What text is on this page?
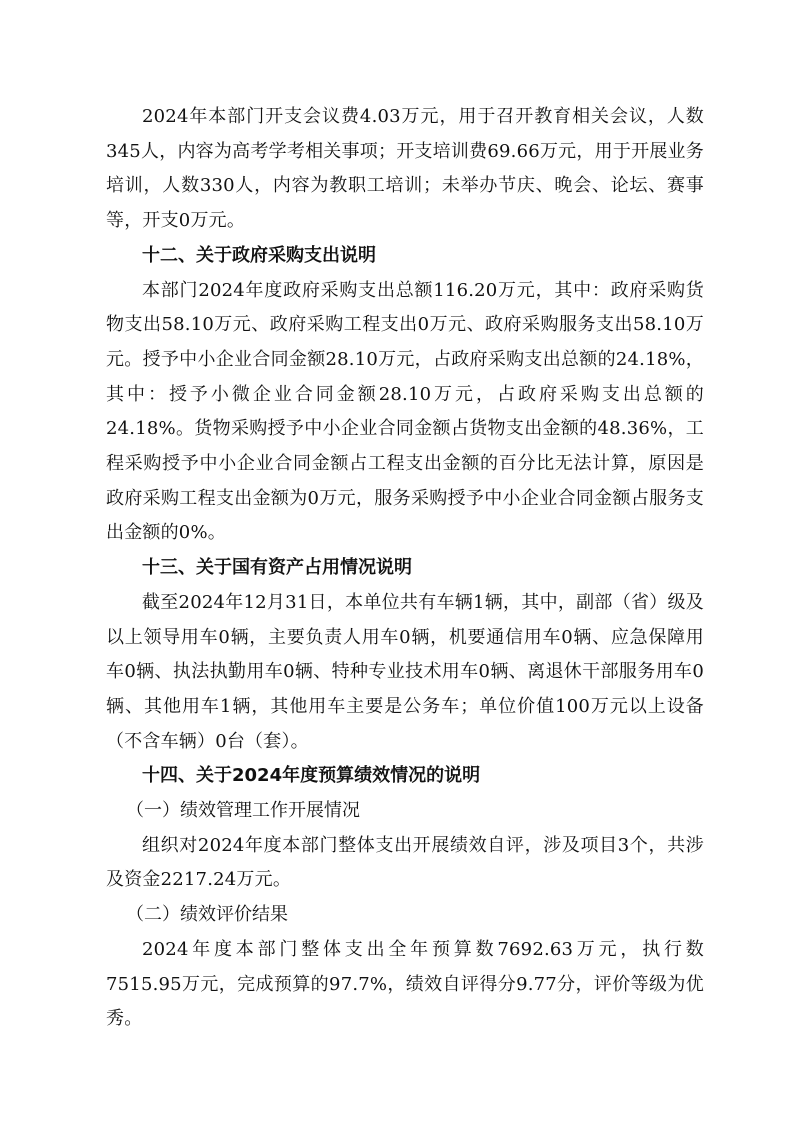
2024年本部门开支会议费4.03万元，用于召开教育相关会议，人数345人，内容为高考学考相关事项；开支培训费69.66万元，用于开展业务培训，人数330人，内容为教职工培训；未举办节庆、晚会、论坛、赛事等，开支0万元。

十二、关于政府采购支出说明

本部门2024年度政府采购支出总额116.20万元，其中：政府采购货物支出58.10万元、政府采购工程支出0万元、政府采购服务支出58.10万元。授予中小企业合同金额28.10万元，占政府采购支出总额的24.18%，其中：授予小微企业合同金额28.10万元，占政府采购支出总额的24.18%。货物采购授予中小企业合同金额占货物支出金额的48.36%，工程采购授予中小企业合同金额占工程支出金额的百分比无法计算，原因是政府采购工程支出金额为0万元，服务采购授予中小企业合同金额占服务支出金额的0%。

十三、关于国有资产占用情况说明

截至2024年12月31日，本单位共有车辆1辆，其中，副部（省）级及以上领导用车0辆，主要负责人用车0辆，机要通信用车0辆、应急保障用车0辆、执法执勤用车0辆、特种专业技术用车0辆、离退休干部服务用车0辆、其他用车1辆，其他用车主要是公务车；单位价值100万元以上设备（不含车辆）0台（套）。

十四、关于2024年度预算绩效情况的说明

（一）绩效管理工作开展情况

组织对2024年度本部门整体支出开展绩效自评，涉及项目3个，共涉及资金2217.24万元。

（二）绩效评价结果

2024年度本部门整体支出全年预算数7692.63万元，执行数7515.95万元，完成预算的97.7%，绩效自评得分9.77分，评价等级为优秀。
